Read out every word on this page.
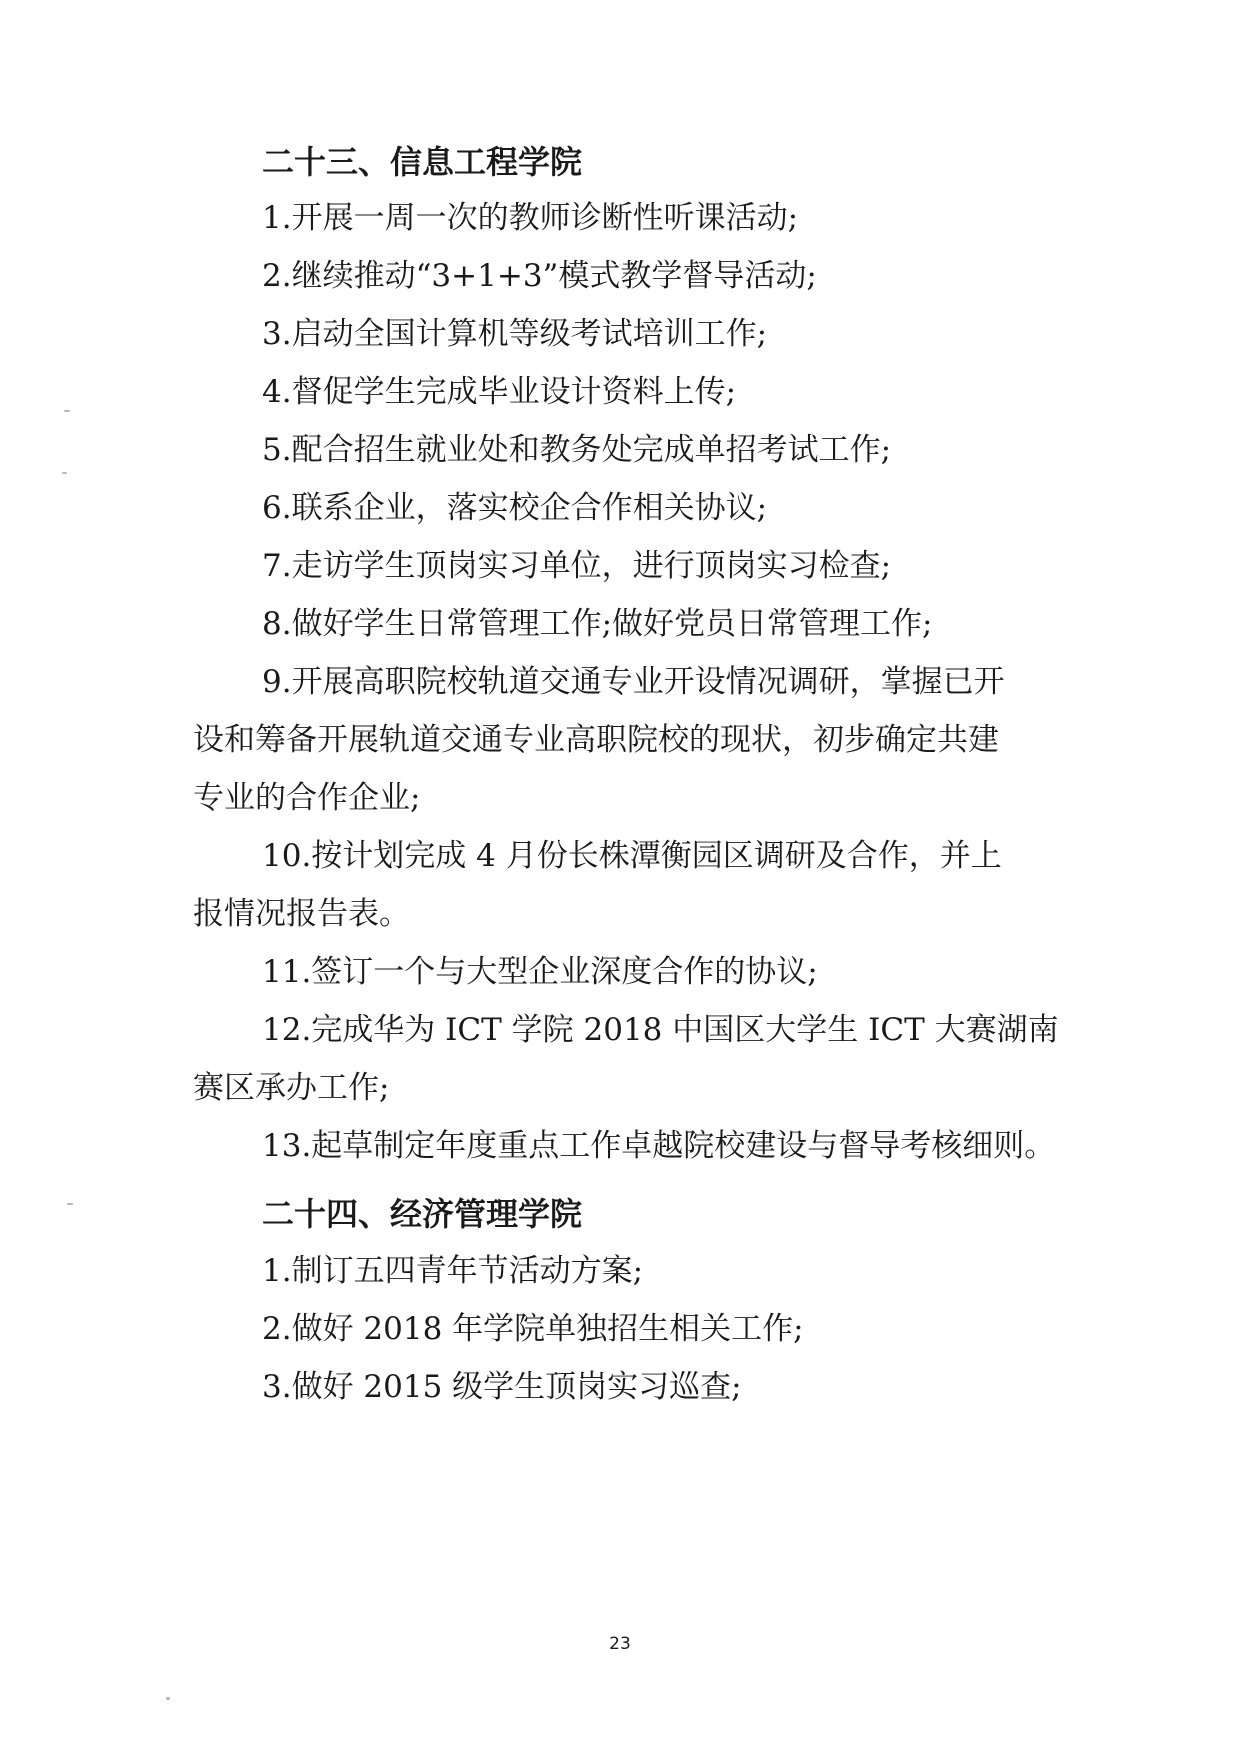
二十三、信息工程学院
1.开展一周一次的教师诊断性听课活动;
2.继续推动“3+1+3”模式教学督导活动;
3.启动全国计算机等级考试培训工作;
4.督促学生完成毕业设计资料上传;
5.配合招生就业处和教务处完成单招考试工作;
6.联系企业，落实校企合作相关协议;
7.走访学生顶岗实习单位，进行顶岗实习检查;
8.做好学生日常管理工作;做好党员日常管理工作;
9.开展高职院校轨道交通专业开设情况调研，掌握已开
设和筹备开展轨道交通专业高职院校的现状，初步确定共建
专业的合作企业;
10.按计划完成 4 月份长株潭衡园区调研及合作，并上
报情况报告表。
11.签订一个与大型企业深度合作的协议;
12.完成华为 ICT 学院 2018 中国区大学生 ICT 大赛湖南
赛区承办工作;
13.起草制定年度重点工作卓越院校建设与督导考核细则。
二十四、经济管理学院
1.制订五四青年节活动方案;
2.做好 2018 年学院单独招生相关工作;
3.做好 2015 级学生顶岗实习巡查;
23
